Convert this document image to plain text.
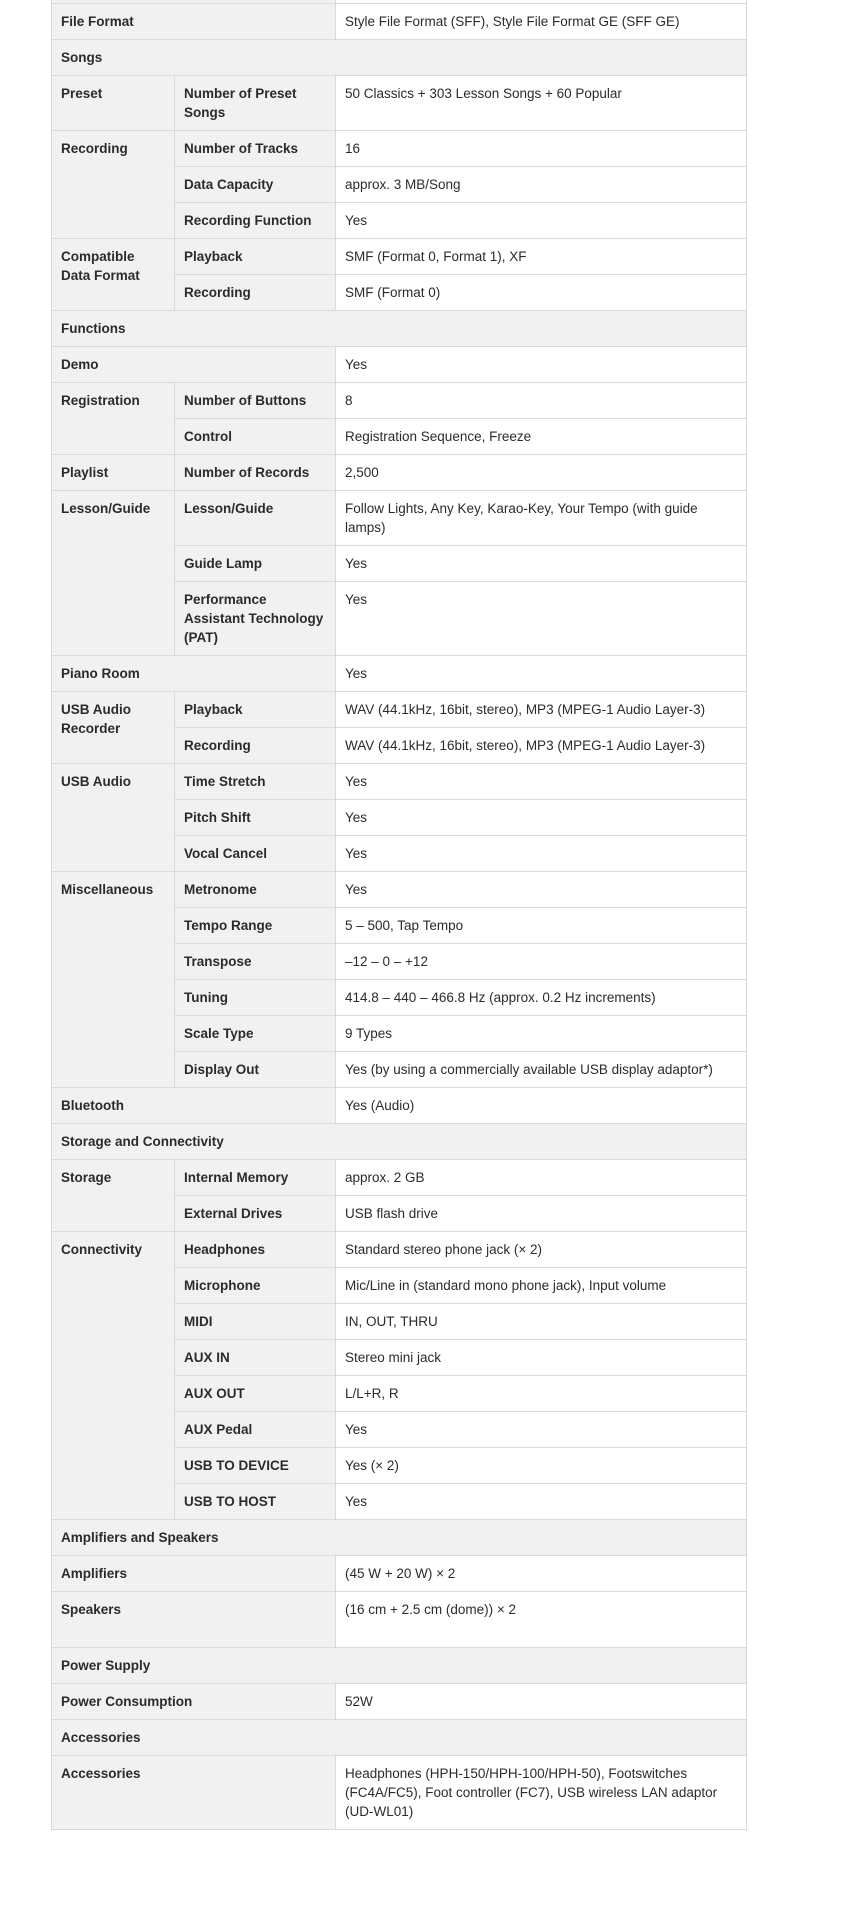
File Format		Style File Format (SFF), Style File Format GE (SFF GE)
Songs		
Preset	Number of Preset Songs	50 Classics + 303 Lesson Songs + 60 Popular
Recording	Number of Tracks	16
	Data Capacity	approx. 3 MB/Song
	Recording Function	Yes
Compatible Data Format	Playback	SMF (Format 0, Format 1), XF
	Recording	SMF (Format 0)
Functions		
Demo		Yes
Registration	Number of Buttons	8
	Control	Registration Sequence, Freeze
Playlist	Number of Records	2,500
Lesson/Guide	Lesson/Guide	Follow Lights, Any Key, Karao-Key, Your Tempo (with guide lamps)
	Guide Lamp	Yes
	Performance Assistant Technology (PAT)	Yes
Piano Room		Yes
USB Audio Recorder	Playback	WAV (44.1kHz, 16bit, stereo), MP3 (MPEG-1 Audio Layer-3)
	Recording	WAV (44.1kHz, 16bit, stereo), MP3 (MPEG-1 Audio Layer-3)
USB Audio	Time Stretch	Yes
	Pitch Shift	Yes
	Vocal Cancel	Yes
Miscellaneous	Metronome	Yes
	Tempo Range	5 – 500, Tap Tempo
	Transpose	–12 – 0 – +12
	Tuning	414.8 – 440 – 466.8 Hz (approx. 0.2 Hz increments)
	Scale Type	9 Types
	Display Out	Yes (by using a commercially available USB display adaptor*)
Bluetooth		Yes (Audio)
Storage and Connectivity		
Storage	Internal Memory	approx. 2 GB
	External Drives	USB flash drive
Connectivity	Headphones	Standard stereo phone jack (× 2)
	Microphone	Mic/Line in (standard mono phone jack), Input volume
	MIDI	IN, OUT, THRU
	AUX IN	Stereo mini jack
	AUX OUT	L/L+R, R
	AUX Pedal	Yes
	USB TO DEVICE	Yes (× 2)
	USB TO HOST	Yes
Amplifiers and Speakers		
Amplifiers		(45 W + 20 W) × 2
Speakers		(16 cm + 2.5 cm (dome)) × 2
Power Supply		
Power Consumption		52W
Accessories		
Accessories		Headphones (HPH-150/HPH-100/HPH-50), Footswitches (FC4A/FC5), Foot controller (FC7), USB wireless LAN adaptor (UD-WL01)
